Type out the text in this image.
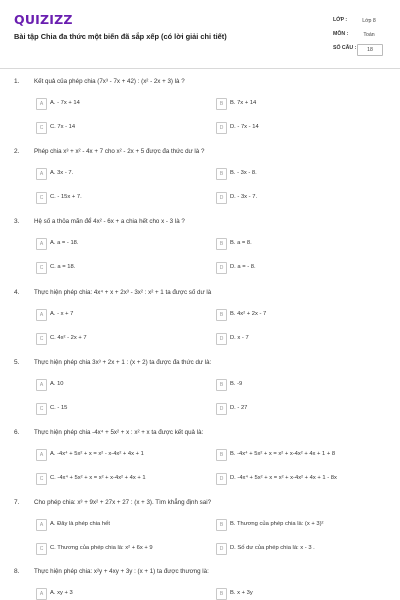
QUIZIZZ
Bài tập Chia đa thức một biến đã sắp xếp (có lời giải chi tiết)
LỚP :	Lớp 8
MÔN :	Toán
SỐ CÂU :	18
1. Kết quả của phép chia (7x³ - 7x + 42) : (x² - 2x + 3) là ?
A	A. - 7x + 14	B	B. 7x + 14
C	C. 7x - 14	D	D. - 7x - 14
2. Phép chia x³ + x² - 4x + 7 cho x² - 2x + 5 được đa thức dư là ?
A	A. 3x - 7.	B	B. - 3x - 8.
C	C. - 15x + 7.	D	D. - 3x - 7.
3. Hệ số a thỏa mãn để 4x² - 6x + a chia hết cho x - 3 là ?
A	A. a = - 18.	B	B. a = 8.
C	C. a = 18.	D	D. a = - 8.
4. Thực hiện phép chia: 4x⁴ + x + 2x³ - 3x² : x² + 1 ta được số dư là
A	A. - x + 7	B	B. 4x² + 2x - 7
C	C. 4x² - 2x + 7	D	D. x - 7
5. Thực hiện phép chia 3x³ + 2x + 1 : (x + 2) ta được đa thức dư là:
A	A. 10	B	B. -9
C	C. - 15	D	D. - 27
6. Thực hiện phép chia -4x⁴ + 5x² + x : x² + x ta được kết quả là:
A	A. -4x⁴ + 5x² + x = x² - x-4x² + 4x + 1	B	B. -4x⁴ + 5x² + x = x² + x-4x² + 4x + 1 + 8
C	C. -4x⁴ + 5x² + x = x² + x-4x² + 4x + 1	D	D. -4x⁴ + 5x² + x = x² + x-4x² + 4x + 1 - 8x
7. Cho phép chia: x³ + 9x² + 27x + 27 : (x + 3). Tìm khẳng định sai?
A	A. Đây là phép chia hết	B	B. Thương của phép chia là: (x + 3)²
C	C. Thương của phép chia là: x² + 6x + 9	D	D. Số dư của phép chia là: x - 3 .
8. Thực hiện phép chia: x²y + 4xy + 3y : (x + 1) ta được thương là:
A	A. xy + 3	B	B. x + 3y
